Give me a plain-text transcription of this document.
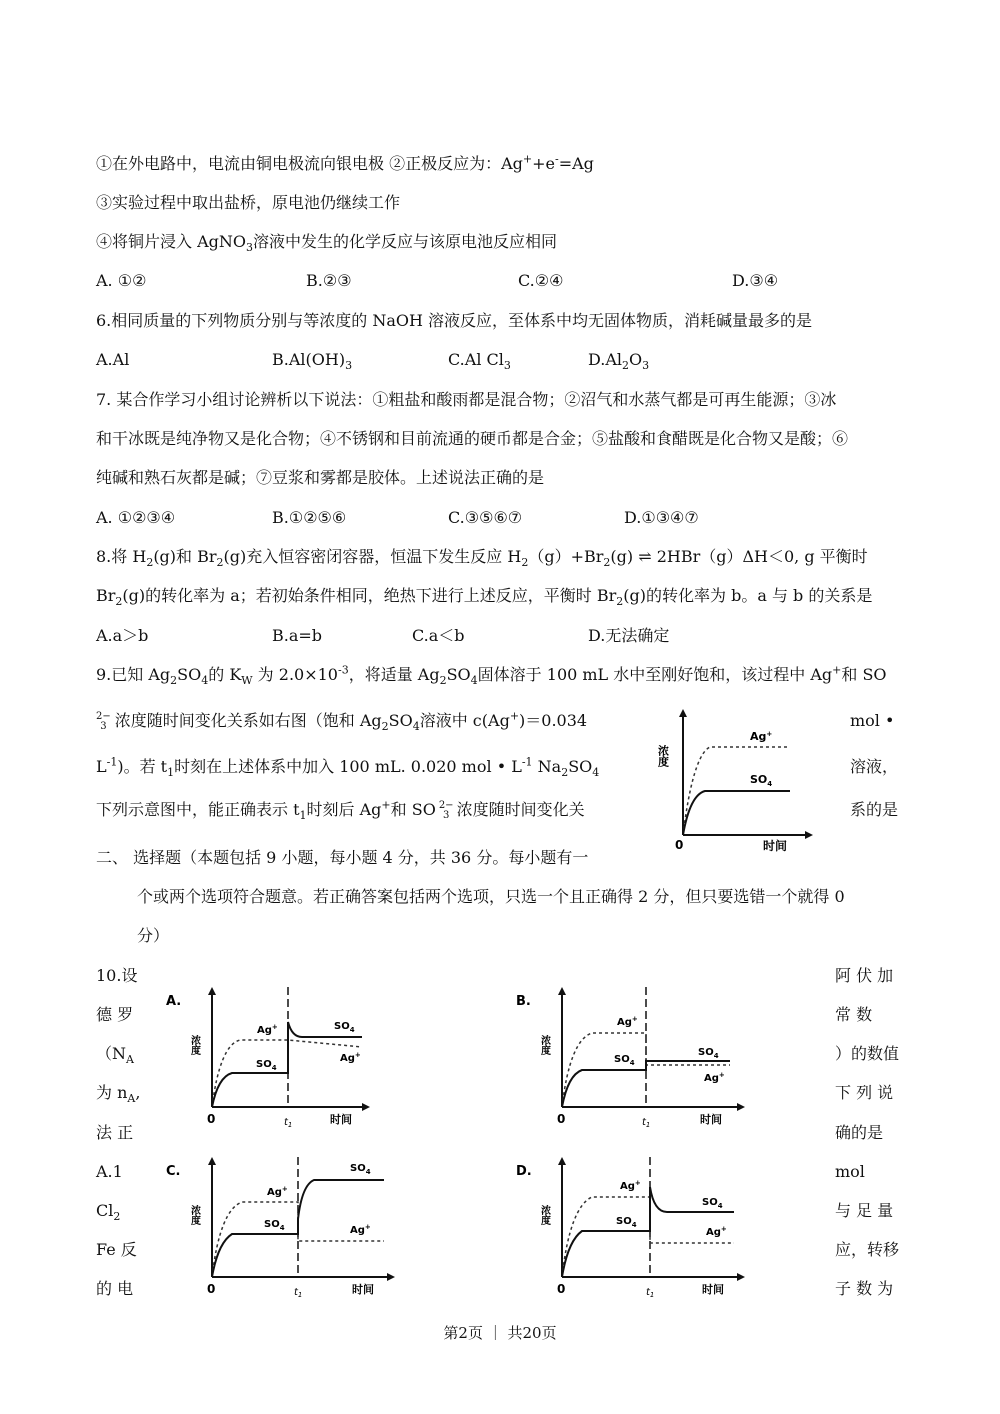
①在外电路中，电流由铜电极流向银电极 ②正极反应为：Ag++e-=Ag
③实验过程中取出盐桥，原电池仍继续工作
④将铜片浸入 AgNO$_3$溶液中发生的化学反应与该原电池反应相同
A. ①②	B.②③	C.②④	D.③④
6.相同质量的下列物质分别与等浓度的 NaOH 溶液反应，至体系中均无固体物质，消耗碱量最多的是
A.Al	$B.Al(OH)_3$	C.Al $Cl_3$	$D.Al_2O_3$
7. 某合作学习小组讨论辨析以下说法：①粗盐和酸雨都是混合物；②沼气和水蒸气都是可再生能源；③冰
和干冰既是纯净物又是化合物；④不锈钢和目前流通的硬币都是合金；⑤盐酸和食醋既是化合物又是酸；⑥
纯碱和熟石灰都是碱；⑦豆浆和雾都是胶体。上述说法正确的是
A. ①②③④	B.①②⑤⑥	C.③⑤⑥⑦	D.①③④⑦
8.将 $H_2(g)$和 $Br_2(g)$充入恒容密闭容器，恒温下发生反应 $H_2(g)+Br_2(g)$ ⇌ 2HBr（g）ΔH＜0, g 平衡时
$Br_2(g)$的转化率为 a；若初始条件相同，绝热下进行上述反应，平衡时 $Br_2(g)$的转化率为 b。a 与 b 的关系是
A.a＞b	B.a=b	C.a＜b	D.无法确定
9.已知 $Ag_2SO_4$的 $K_W$ 为 $2.0\times 10^{-3}$，将适量 $Ag_2SO_4$固体溶于 100 mL 水中至刚好饱和，该过程中 Ag+和 SO
2−
3 浓度随时间变化关系如右图（饱和 $Ag_2SO_4$溶液中 c(Ag+)＝0.034	mol •
$L^{-1}$)。若 $t_1$时刻在上述体系中加入 100 mL. 0.020 mol • $L^{-1}$ $Na_2SO_4$	溶液，
下列示意图中，能正确表示 $t_1$时刻后 Ag+和 SO 2−
3 浓度随时间变化关	系的是
二、 选择题（本题包括 9 小题，每小题 4 分，共 36 分。每小题有一
个或两个选项符合题意。若正确答案包括两个选项，只选一个且正确得 2 分，但只要选错一个就得 0
分）
10.设
德 罗
（$N_A$
为 $n_A$,
法 正
A.1
$Cl_2$
Fe 反
的 电
阿 伏 加
常 数
）的数值
下 列 说
确的是
mol
与 足 量
应，转移
子 数 为
浓度
Ag+
$SO_4$
0	时间
A.
浓度
Ag+
$SO_4$
$SO_4$
Ag+
0	$t_1$	时间
B.
浓度
Ag+
$SO_4$
$SO_4$
Ag+
0	$t_1$	时间
C.
浓度
Ag+
$SO_4$
$SO_4$
Ag+
0	$t_1$	时间
D.
浓度
Ag+
$SO_4$
$SO_4$
Ag+
0	$t_1$	时间
第2页 ｜ 共20页
